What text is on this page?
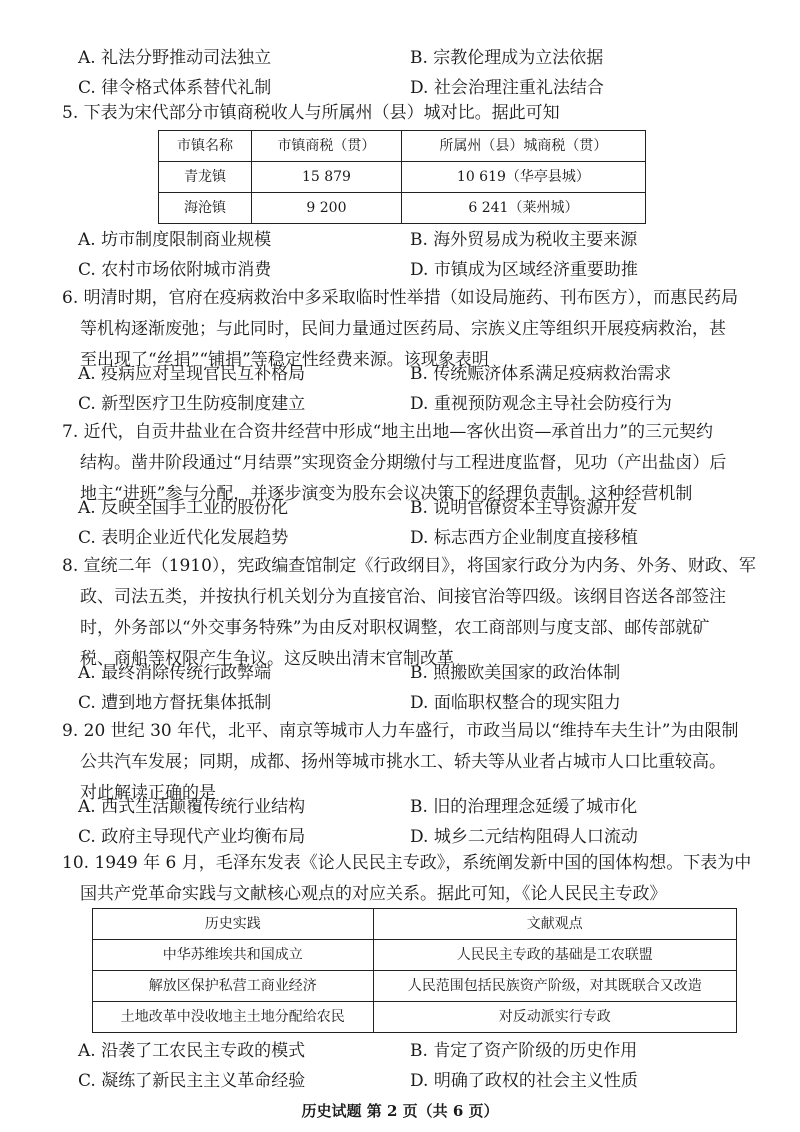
A. 礼法分野推动司法独立	B. 宗教伦理成为立法依据
C. 律令格式体系替代礼制	D. 社会治理注重礼法结合

5. 下表为宋代部分市镇商税收人与所属州（县）城对比。据此可知

市镇名称	市镇商税（贯）	所属州（县）城商税（贯）
青龙镇	15 879	10 619（华亭县城）
海沧镇	9 200	6 241（莱州城）
A. 坊市制度限制商业规模	B. 海外贸易成为税收主要来源
C. 农村市场依附城市消费	D. 市镇成为区域经济重要助推

6. 明清时期，官府在疫病救治中多采取临时性举措（如设局施药、刊布医方），而惠民药局

等机构逐渐废弛；与此同时，民间力量通过医药局、宗族义庄等组织开展疫病救治，甚

至出现了“丝捐”“铺捐”等稳定性经费来源。该现象表明

A. 疫病应对呈现官民互补格局	B. 传统赈济体系满足疫病救治需求
C. 新型医疗卫生防疫制度建立	D. 重视预防观念主导社会防疫行为

7. 近代，自贡井盐业在合资井经营中形成“地主出地—客伙出资—承首出力”的三元契约

结构。凿井阶段通过“月结票”实现资金分期缴付与工程进度监督，见功（产出盐卤）后

地主“进班”参与分配，并逐步演变为股东会议决策下的经理负责制。这种经营机制

A. 反映全国手工业的股份化	B. 说明官僚资本主导资源开发
C. 表明企业近代化发展趋势	D. 标志西方企业制度直接移植

8. 宣统二年（1910），宪政编查馆制定《行政纲目》，将国家行政分为内务、外务、财政、军

政、司法五类，并按执行机关划分为直接官治、间接官治等四级。该纲目咨送各部签注

时，外务部以“外交事务特殊”为由反对职权调整，农工商部则与度支部、邮传部就矿

税、商船等权限产生争议。这反映出清末官制改革

A. 最终消除传统行政弊端	B. 照搬欧美国家的政治体制
C. 遭到地方督抚集体抵制	D. 面临职权整合的现实阻力

9. 20 世纪 30 年代，北平、南京等城市人力车盛行，市政当局以“维持车夫生计”为由限制

公共汽车发展；同期，成都、扬州等城市挑水工、轿夫等从业者占城市人口比重较高。

对此解读正确的是

A. 西式生活颠覆传统行业结构	B. 旧的治理理念延缓了城市化
C. 政府主导现代产业均衡布局	D. 城乡二元结构阻碍人口流动

10. 1949 年 6 月，毛泽东发表《论人民民主专政》，系统阐发新中国的国体构想。下表为中

国共产党革命实践与文献核心观点的对应关系。据此可知，《论人民民主专政》

历史实践	文献观点
中华苏维埃共和国成立	人民民主专政的基础是工农联盟
解放区保护私营工商业经济	人民范围包括民族资产阶级，对其既联合又改造
土地改革中没收地主土地分配给农民	对反动派实行专政
A. 沿袭了工农民主专政的模式	B. 肯定了资产阶级的历史作用
C. 凝练了新民主主义革命经验	D. 明确了政权的社会主义性质
历史试题 第 2 页（共 6 页）
